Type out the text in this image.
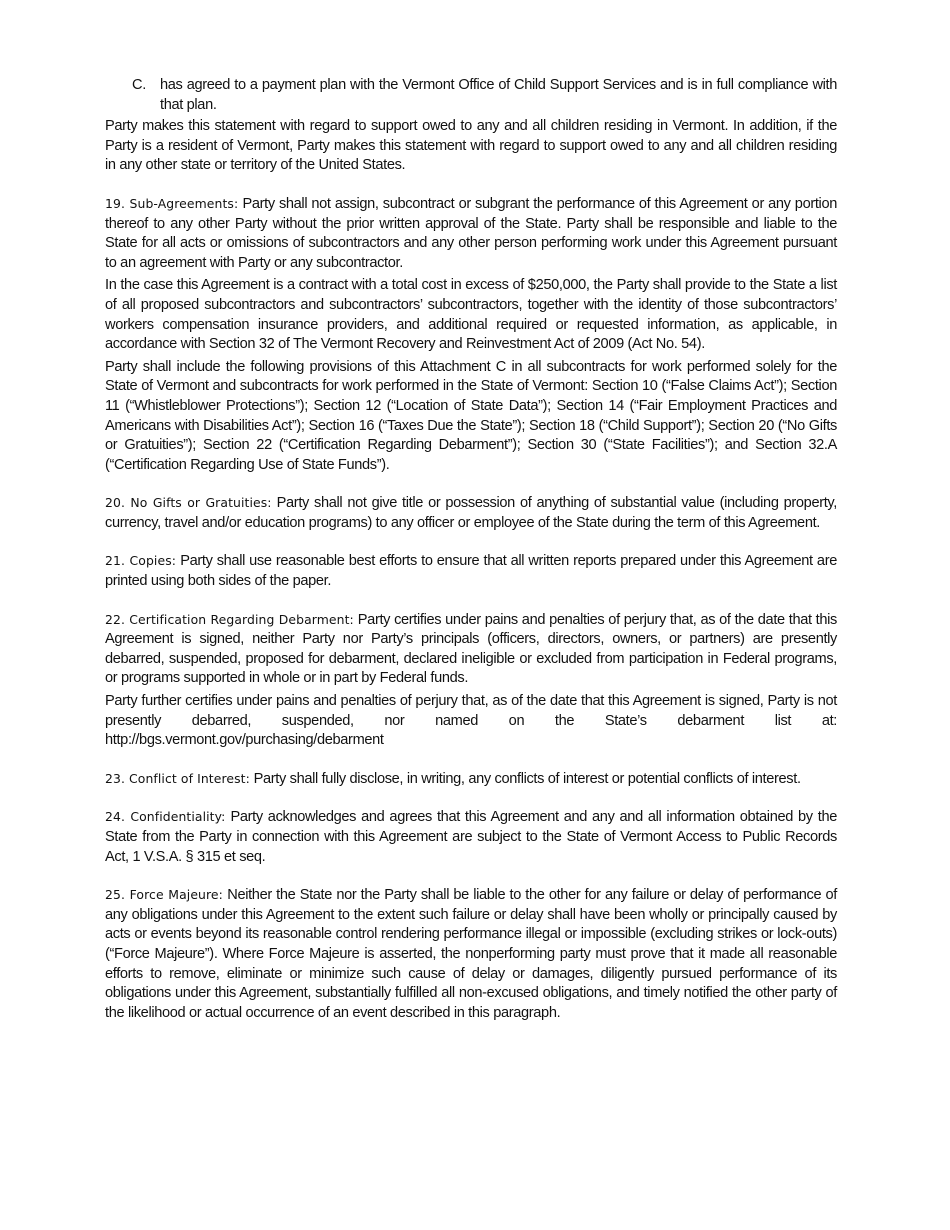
C. has agreed to a payment plan with the Vermont Office of Child Support Services and is in full compliance with that plan.

Party makes this statement with regard to support owed to any and all children residing in Vermont. In addition, if the Party is a resident of Vermont, Party makes this statement with regard to support owed to any and all children residing in any other state or territory of the United States.

19. Sub-Agreements: Party shall not assign, subcontract or subgrant the performance of this Agreement or any portion thereof to any other Party without the prior written approval of the State. Party shall be responsible and liable to the State for all acts or omissions of subcontractors and any other person performing work under this Agreement pursuant to an agreement with Party or any subcontractor.

In the case this Agreement is a contract with a total cost in excess of $250,000, the Party shall provide to the State a list of all proposed subcontractors and subcontractors’ subcontractors, together with the identity of those subcontractors’ workers compensation insurance providers, and additional required or requested information, as applicable, in accordance with Section 32 of The Vermont Recovery and Reinvestment Act of 2009 (Act No. 54).

Party shall include the following provisions of this Attachment C in all subcontracts for work performed solely for the State of Vermont and subcontracts for work performed in the State of Vermont: Section 10 (“False Claims Act”); Section 11 (“Whistleblower Protections”); Section 12 (“Location of State Data”); Section 14 (“Fair Employment Practices and Americans with Disabilities Act”); Section 16 (“Taxes Due the State”); Section 18 (“Child Support”); Section 20 (“No Gifts or Gratuities”); Section 22 (“Certification Regarding Debarment”); Section 30 (“State Facilities”); and Section 32.A (“Certification Regarding Use of State Funds”).

20. No Gifts or Gratuities: Party shall not give title or possession of anything of substantial value (including property, currency, travel and/or education programs) to any officer or employee of the State during the term of this Agreement.

21. Copies: Party shall use reasonable best efforts to ensure that all written reports prepared under this Agreement are printed using both sides of the paper.

22. Certification Regarding Debarment: Party certifies under pains and penalties of perjury that, as of the date that this Agreement is signed, neither Party nor Party’s principals (officers, directors, owners, or partners) are presently debarred, suspended, proposed for debarment, declared ineligible or excluded from participation in Federal programs, or programs supported in whole or in part by Federal funds.

Party further certifies under pains and penalties of perjury that, as of the date that this Agreement is signed, Party is not presently debarred, suspended, nor named on the State’s debarment list at: http://bgs.vermont.gov/purchasing/debarment

23. Conflict of Interest: Party shall fully disclose, in writing, any conflicts of interest or potential conflicts of interest.

24. Confidentiality: Party acknowledges and agrees that this Agreement and any and all information obtained by the State from the Party in connection with this Agreement are subject to the State of Vermont Access to Public Records Act, 1 V.S.A. § 315 et seq.

25. Force Majeure: Neither the State nor the Party shall be liable to the other for any failure or delay of performance of any obligations under this Agreement to the extent such failure or delay shall have been wholly or principally caused by acts or events beyond its reasonable control rendering performance illegal or impossible (excluding strikes or lock-outs) (“Force Majeure”). Where Force Majeure is asserted, the nonperforming party must prove that it made all reasonable efforts to remove, eliminate or minimize such cause of delay or damages, diligently pursued performance of its obligations under this Agreement, substantially fulfilled all non-excused obligations, and timely notified the other party of the likelihood or actual occurrence of an event described in this paragraph.
